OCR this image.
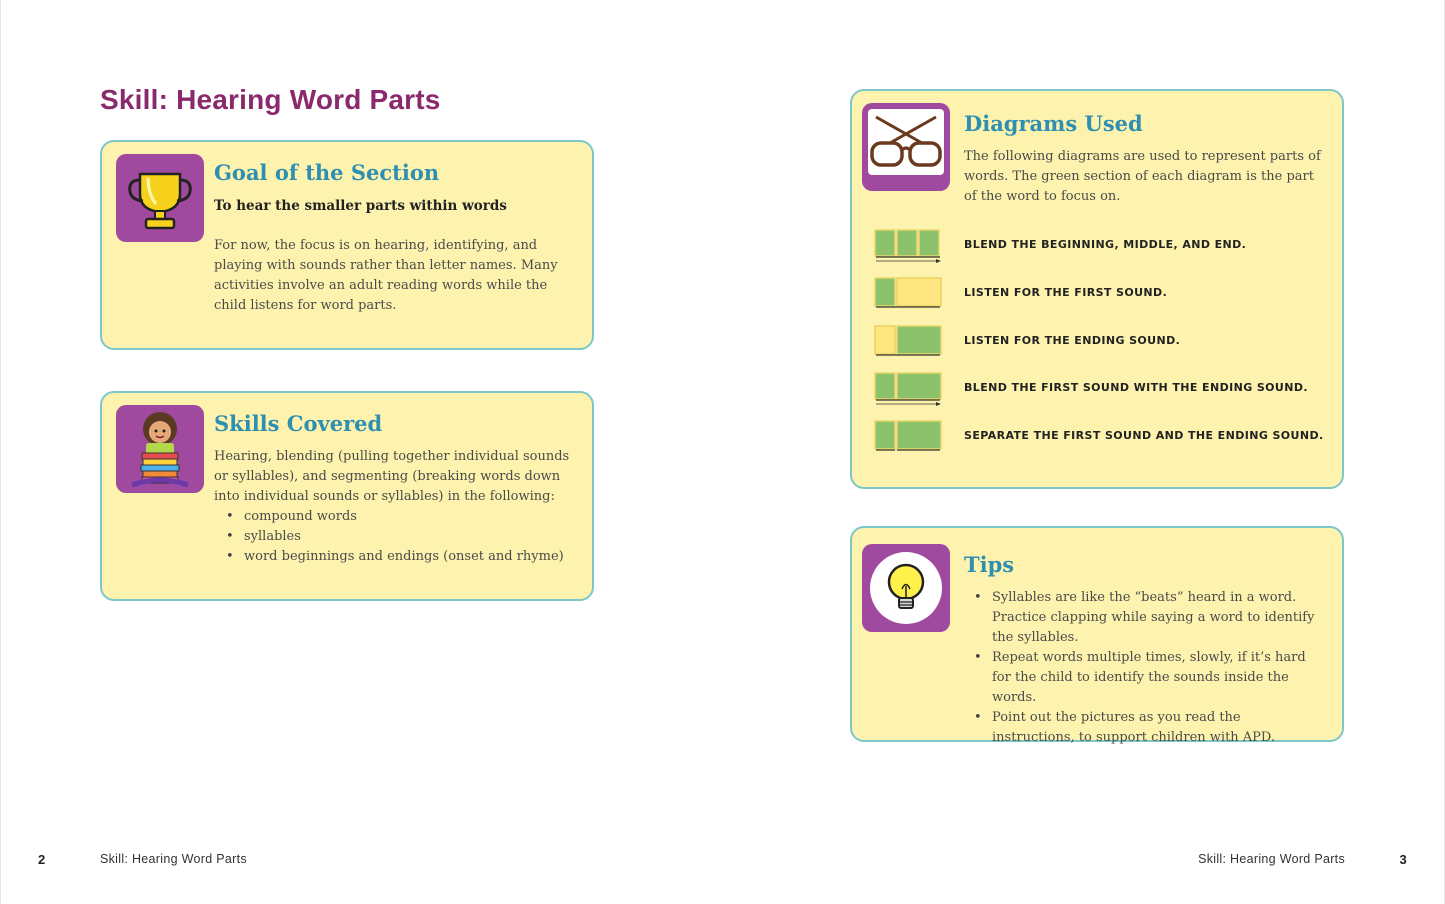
Skill: Hearing Word Parts
Goal of the Section

To hear the smaller parts within words

For now, the focus is on hearing, identifying, and playing with sounds rather than letter names. Many activities involve an adult reading words while the child listens for word parts.

Skills Covered

Hearing, blending (pulling together individual sounds or syllables), and segmenting (breaking words down into individual sounds or syllables) in the following:

• compound words
• syllables
• word beginnings and endings (onset and rhyme)
Diagrams Used

The following diagrams are used to represent parts of words. The green section of each diagram is the part of the word to focus on.

BLEND THE BEGINNING, MIDDLE, AND END.
LISTEN FOR THE FIRST SOUND.
LISTEN FOR THE ENDING SOUND.
BLEND THE FIRST SOUND WITH THE ENDING SOUND.
SEPARATE THE FIRST SOUND AND THE ENDING SOUND.
Tips
• Syllables are like the “beats” heard in a word. Practice clapping while saying a word to identify the syllables.
• Repeat words multiple times, slowly, if it’s hard for the child to identify the sounds inside the words.
• Point out the pictures as you read the instructions, to support children with APD.
2	Skill: Hearing Word Parts	Skill: Hearing Word Parts	3
